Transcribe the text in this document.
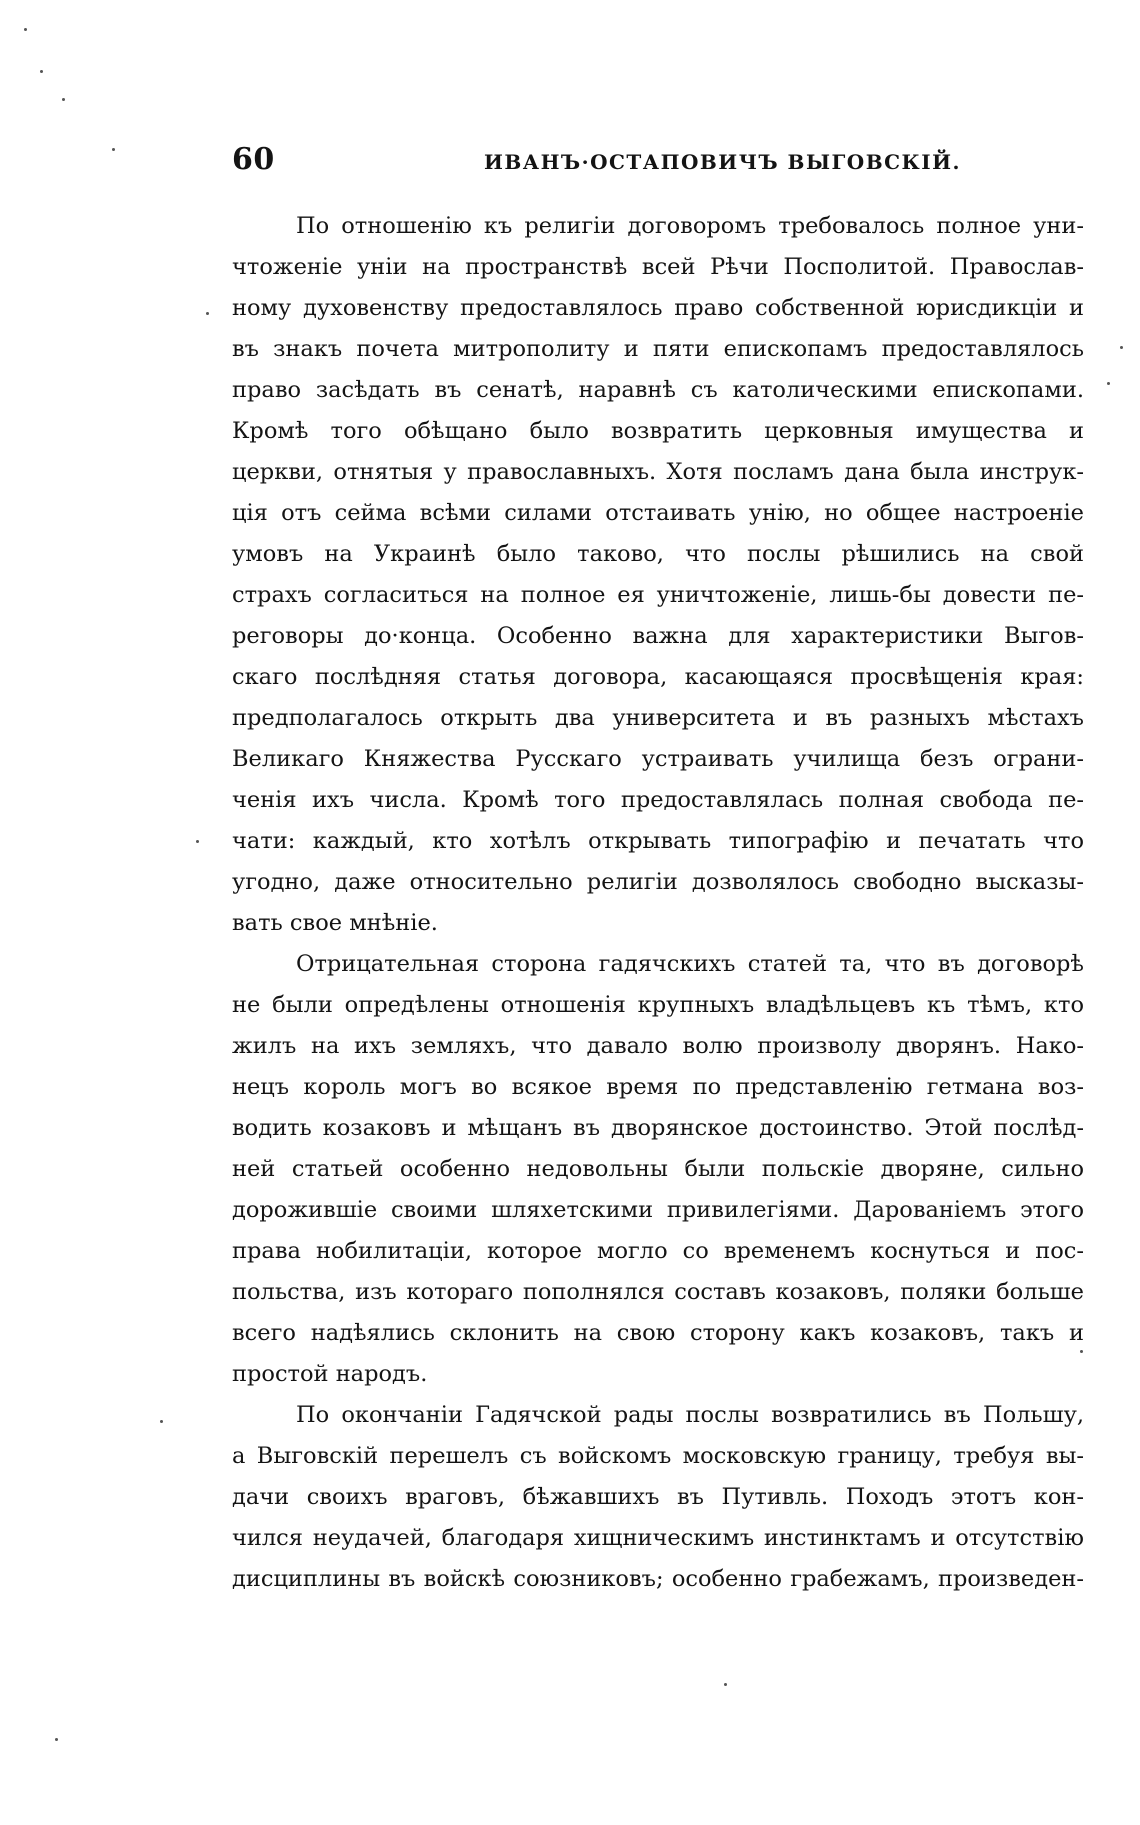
60	ИВАНЪ·ОСТАПОВИЧЪ ВЫГОВСКІЙ.
По отношенію къ религіи договоромъ требовалось полное уни-
чтоженіе уніи на пространствѣ всей Рѣчи Посполитой. Православ-
ному духовенству предоставлялось право собственной юрисдикціи и
въ знакъ почета митрополиту и пяти епископамъ предоставлялось
право засѣдать въ сенатѣ, наравнѣ съ католическими епископами.
Кромѣ того обѣщано было возвратить церковныя имущества и
церкви, отнятыя у православныхъ. Хотя посламъ дана была инструк-
ція отъ сейма всѣми силами отстаивать унію, но общее настроеніе
умовъ на Украинѣ было таково, что послы рѣшились на свой
страхъ согласиться на полное ея уничтоженіе, лишь-бы довести пе-
реговоры до·конца. Особенно важна для характеристики Выгов-
скаго послѣдняя статья договора, касающаяся просвѣщенія края:
предполагалось открыть два университета и въ разныхъ мѣстахъ
Великаго Княжества Русскаго устраивать училища безъ ограни-
ченія ихъ числа. Кромѣ того предоставлялась полная свобода пе-
чати: каждый, кто хотѣлъ открывать типографію и печатать что
угодно, даже относительно религіи дозволялось свободно высказы-
вать свое мнѣніе.
Отрицательная сторона гадячскихъ статей та, что въ договорѣ
не были опредѣлены отношенія крупныхъ владѣльцевъ къ тѣмъ, кто
жилъ на ихъ земляхъ, что давало волю произволу дворянъ. Нако-
нецъ король могъ во всякое время по представленію гетмана воз-
водить козаковъ и мѣщанъ въ дворянское достоинство. Этой послѣд-
ней статьей особенно недовольны были польскіе дворяне, сильно
дорожившіе своими шляхетскими привилегіями. Дарованіемъ этого
права нобилитаціи, которое могло со временемъ коснуться и пос-
польства, изъ котораго пополнялся составъ козаковъ, поляки больше
всего надѣялись склонить на свою сторону какъ козаковъ, такъ и
простой народъ.
По окончаніи Гадячской рады послы возвратились въ Польшу,
а Выговскій перешелъ съ войскомъ московскую границу, требуя вы-
дачи своихъ враговъ, бѣжавшихъ въ Путивль. Походъ этотъ кон-
чился неудачей, благодаря хищническимъ инстинктамъ и отсутствію
дисциплины въ войскѣ союзниковъ; особенно грабежамъ, произведен-
